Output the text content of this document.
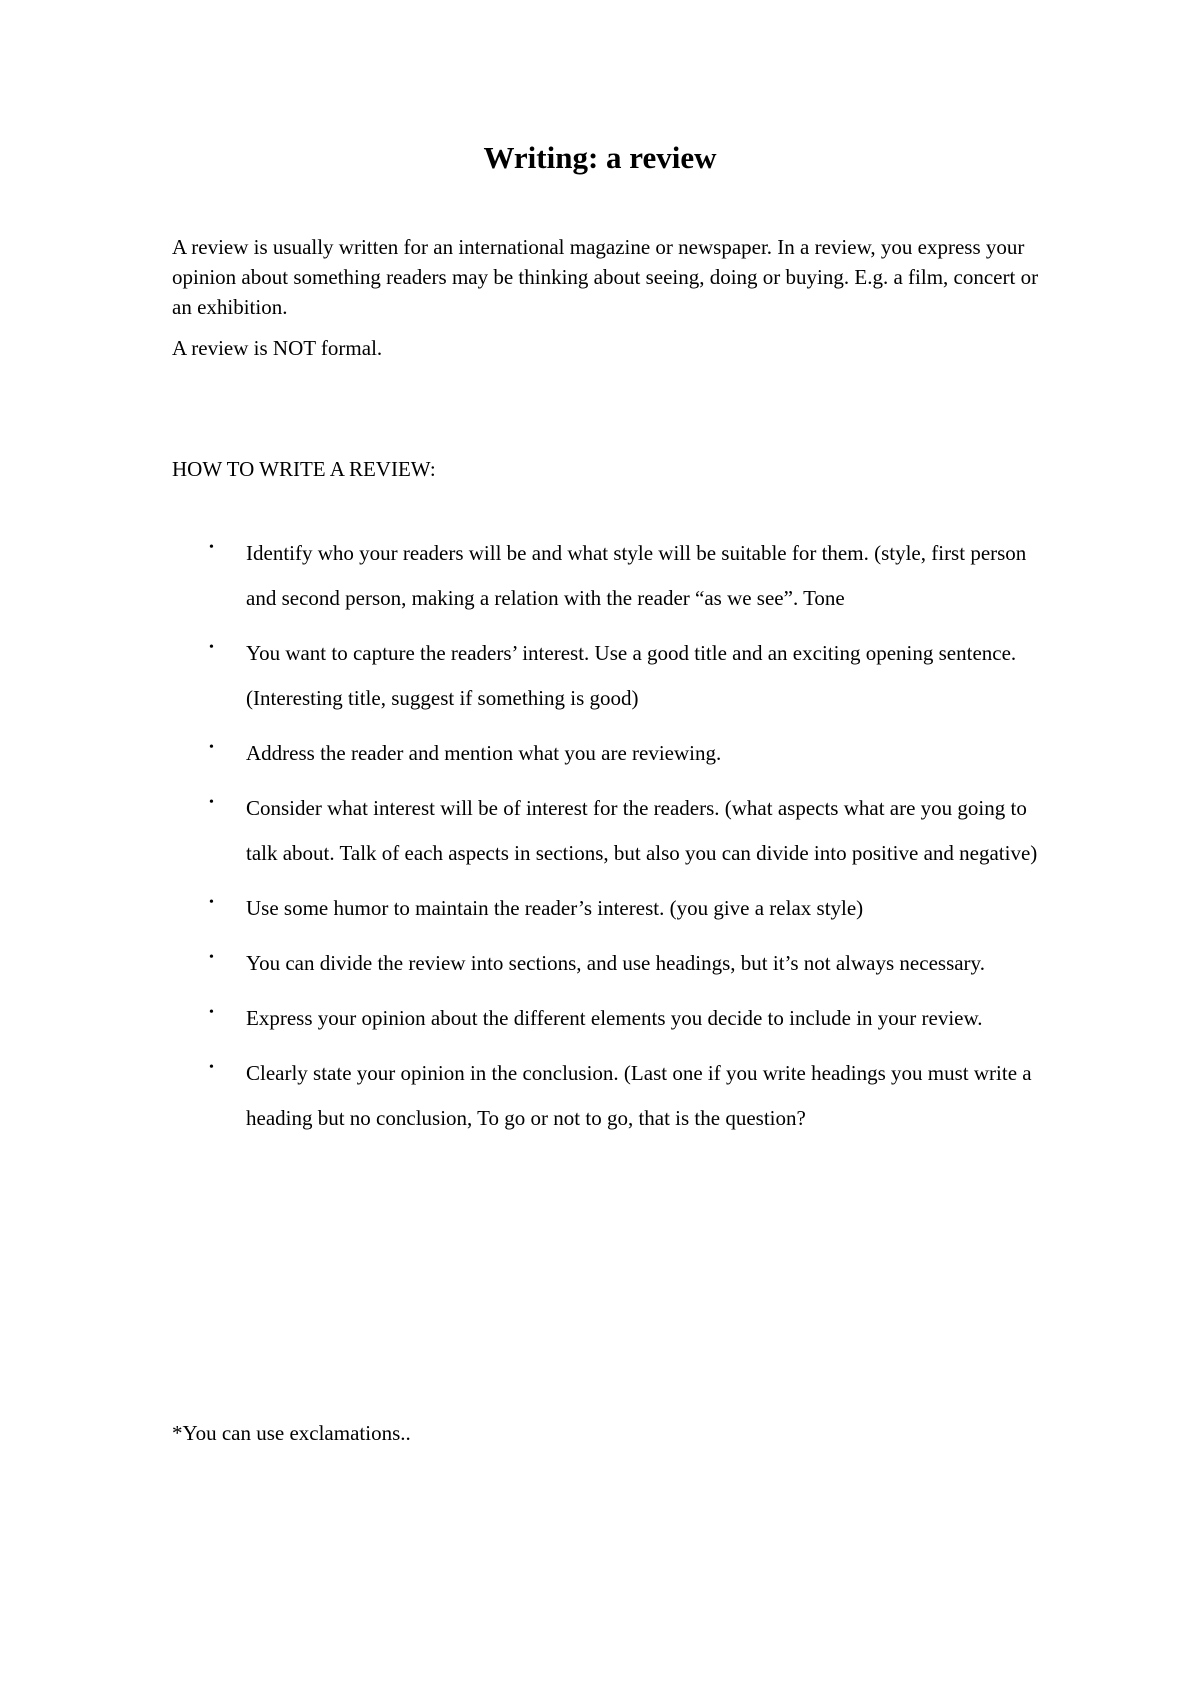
Writing: a review

A review is usually written for an international magazine or newspaper. In a review, you express your opinion about something readers may be thinking about seeing, doing or buying. E.g. a film, concert or an exhibition.

A review is NOT formal.

HOW TO WRITE A REVIEW:

• Identify who your readers will be and what style will be suitable for them. (style, first person and second person, making a relation with the reader “as we see”. Tone
• You want to capture the readers’ interest. Use a good title and an exciting opening sentence. (Interesting title, suggest if something is good)
• Address the reader and mention what you are reviewing.
• Consider what interest will be of interest for the readers. (what aspects what are you going to talk about. Talk of each aspects in sections, but also you can divide into positive and negative)
• Use some humor to maintain the reader’s interest. (you give a relax style)
• You can divide the review into sections, and use headings, but it’s not always necessary.
• Express your opinion about the different elements you decide to include in your review.
• Clearly state your opinion in the conclusion. (Last one if you write headings you must write a heading but no conclusion, To go or not to go, that is the question?

*You can use exclamations..
